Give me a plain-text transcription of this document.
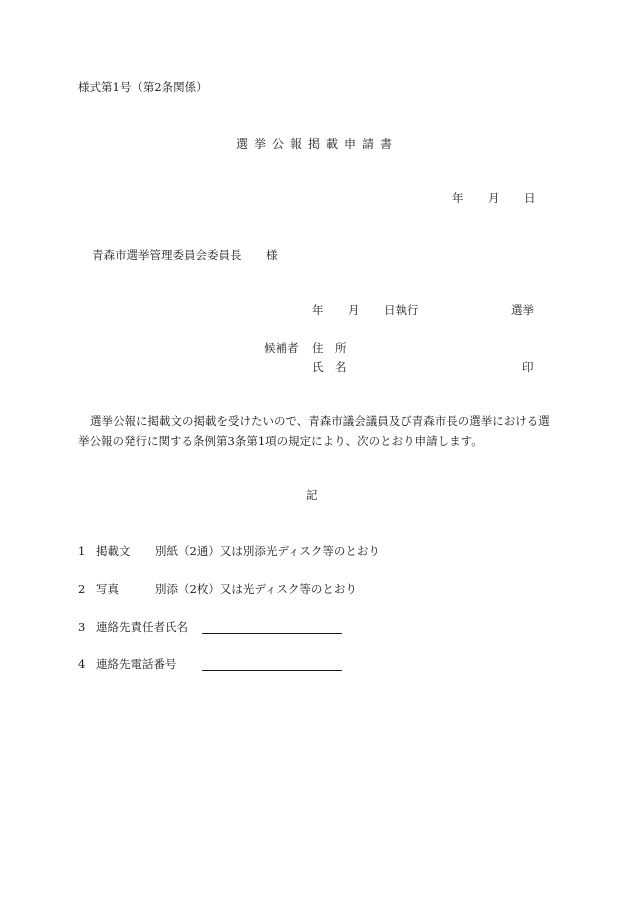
様式第1号（第2条関係）
選挙公報掲載申請書
年 月 日
青森市選挙管理委員会委員長 様
年 月 日執行	選挙
候補者 住　所
氏　名	印
選挙公報に掲載文の掲載を受けたいので、青森市議会議員及び青森市長の選挙における選挙公報の発行に関する条例第3条第1項の規定により、次のとおり申請します。
記
1 掲載文 別紙（2通）又は別添光ディスク等のとおり
2 写真	別添（2枚）又は光ディスク等のとおり
3 連絡先責任者氏名
4 連絡先電話番号
